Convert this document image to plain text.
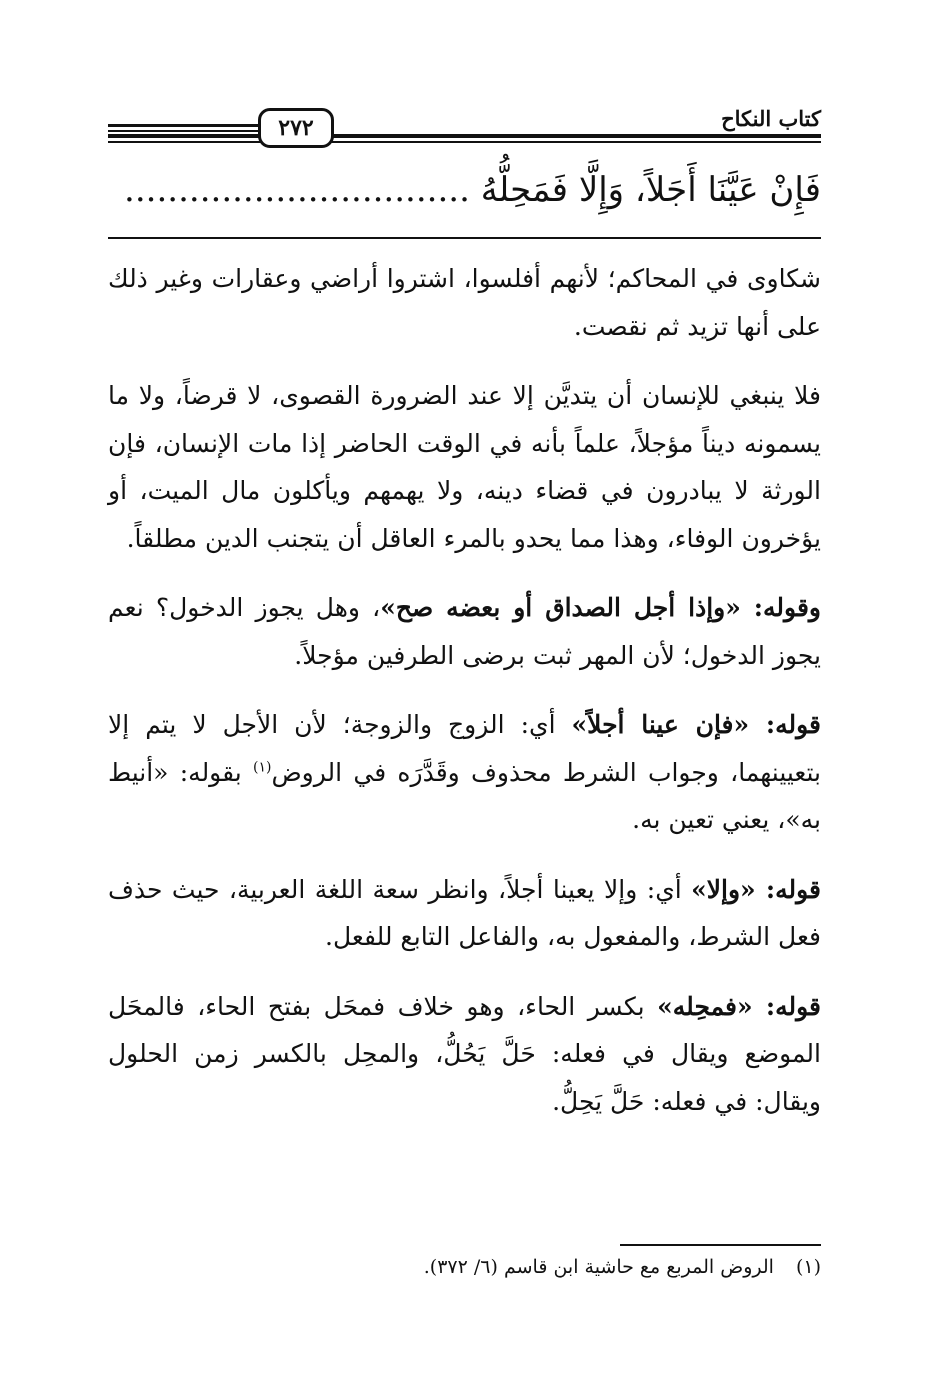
٢٧٢	كتاب النكاح
فَإِنْ عَيَّنَا أَجَلاً، وَإِلَّا فَمَحِلُّهُ ................................

شكاوى في المحاكم؛ لأنهم أفلسوا، اشتروا أراضي وعقارات وغير ذلك على أنها تزيد ثم نقصت.

فلا ينبغي للإنسان أن يتديَّن إلا عند الضرورة القصوى، لا قرضاً، ولا ما يسمونه ديناً مؤجلاً، علماً بأنه في الوقت الحاضر إذا مات الإنسان، فإن الورثة لا يبادرون في قضاء دينه، ولا يهمهم ويأكلون مال الميت، أو يؤخرون الوفاء، وهذا مما يحدو بالمرء العاقل أن يتجنب الدين مطلقاً.

وقوله: «وإذا أجل الصداق أو بعضه صح»، وهل يجوز الدخول؟ نعم يجوز الدخول؛ لأن المهر ثبت برضى الطرفين مؤجلاً.

قوله: «فإن عينا أجلاً» أي: الزوج والزوجة؛ لأن الأجل لا يتم إلا بتعيينهما، وجواب الشرط محذوف وقَدَّرَه في الروض$^{(١)}$ بقوله: «أنيط به»، يعني تعين به.

قوله: «وإلا» أي: وإلا يعينا أجلاً، وانظر سعة اللغة العربية، حيث حذف فعل الشرط، والمفعول به، والفاعل التابع للفعل.

قوله: «فمحِله» بكسر الحاء، وهو خلاف فمحَل بفتح الحاء، فالمحَل الموضع ويقال في فعله: حَلَّ يَحُلُّ، والمحِل بالكسر زمن الحلول ويقال: في فعله: حَلَّ يَحِلُّ.

(١)الروض المربع مع حاشية ابن قاسم (٦/ ٣٧٢).
